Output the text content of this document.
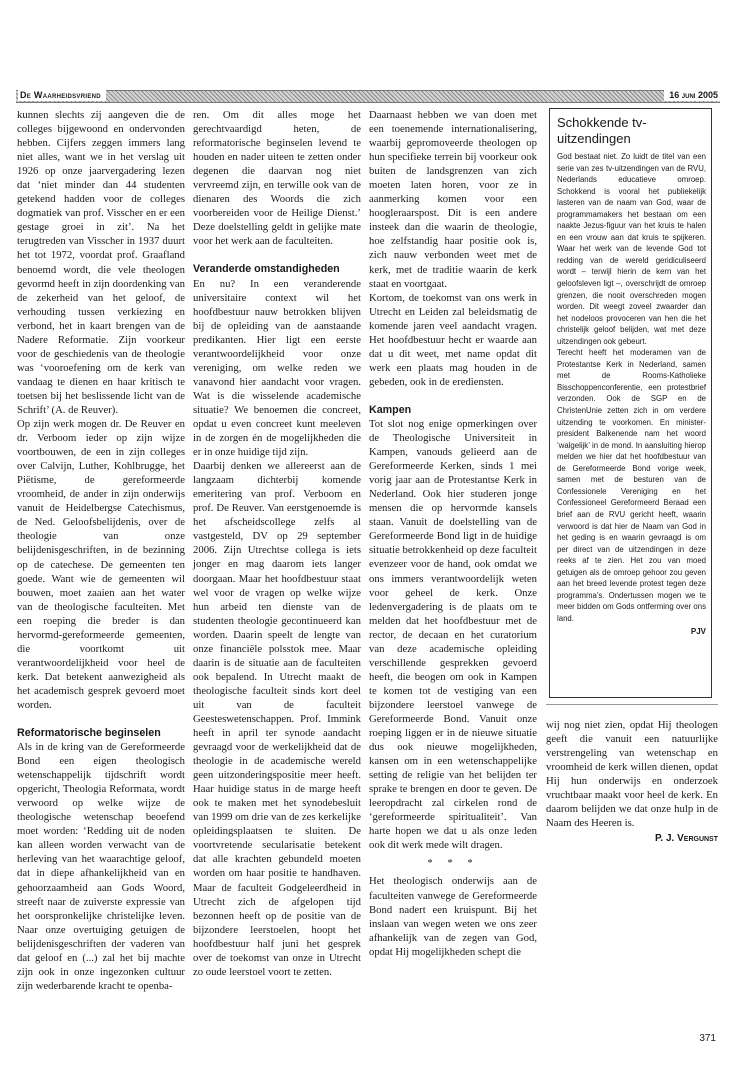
De Waarheidsvriend	16 juni 2005

kunnen slechts zij aangeven die de colleges bijgewoond en ondervonden hebben. Cijfers zeggen immers lang niet alles, want we in het verslag uit 1926 op onze jaarvergadering lezen dat ‘niet minder dan 44 studenten getekend hadden voor de colleges dogmatiek van prof. Visscher en er een gestage groei in zit’. Na het terugtreden van Visscher in 1937 duurt het tot 1972, voordat prof. Graafland benoemd wordt, die vele theologen gevormd heeft in zijn doordenking van de zekerheid van het geloof, de verhouding tussen verkiezing en verbond, het in kaart brengen van de Nadere Reformatie. Zijn voorkeur voor de geschiedenis van de theologie was ‘vooroefening om de kerk van vandaag te dienen en haar kritisch te toetsen bij het beslissende licht van de Schrift’ (A. de Reuver).

Op zijn werk mogen dr. De Reuver en dr. Verboom ieder op zijn wijze voortbouwen, de een in zijn colleges over Calvijn, Luther, Kohlbrugge, het Piëtisme, de gereformeerde vroomheid, de ander in zijn onderwijs vanuit de Heidelbergse Catechismus, de Ned. Geloofsbelijdenis, over de theologie van onze belijdenisgeschriften, in de bezinning op de catechese. De gemeenten ten goede. Want wie de gemeenten wil bouwen, moet zaaien aan het water van de theologische faculteiten. Met een roeping die breder is dan hervormd-gereformeerde gemeenten, die voortkomt uit verantwoordelijkheid voor heel de kerk. Dat betekent aanwezigheid als het academisch gesprek gevoerd moet worden.

Reformatorische beginselen

Als in de kring van de Gereformeerde Bond een eigen theologisch wetenschappelijk tijdschrift wordt opgericht, Theologia Reformata, wordt verwoord op welke wijze de theologische wetenschap beoefend moet worden: ‘Redding uit de noden kan alleen worden verwacht van de herleving van het waarachtige geloof, dat in diepe afhankelijkheid van en gehoorzaamheid aan Gods Woord, streeft naar de zuiverste expressie van het oorspronkelijke christelijke leven. Naar onze overtuiging getuigen de belijdenisgeschriften der vaderen van dat geloof en (...) zal het bij machte zijn ook in onze ingezonken cultuur zijn wederbarende kracht te openba-

ren. Om dit alles moge het gerechtvaardigd heten, de reformatorische beginselen levend te houden en nader uiteen te zetten onder degenen die daarvan nog niet vervreemd zijn, en terwille ook van de dienaren des Woords die zich voorbereiden voor de Heilige Dienst.’ Deze doelstelling geldt in gelijke mate voor het werk aan de faculteiten.

Veranderde omstandigheden

En nu? In een veranderende universitaire context wil het hoofdbestuur nauw betrokken blijven bij de opleiding van de aanstaande predikanten. Hier ligt een eerste verantwoordelijkheid voor onze vereniging, om welke reden we vanavond hier aandacht voor vragen. Wat is die wisselende academische situatie? We benoemen die concreet, opdat u even concreet kunt meeleven in de zorgen én de mogelijkheden die er in onze huidige tijd zijn.

Daarbij denken we allereerst aan de langzaam dichterbij komende emeritering van prof. Verboom en prof. De Reuver. Van eerstgenoemde is het afscheidscollege zelfs al vastgesteld, DV op 29 september 2006. Zijn Utrechtse collega is iets jonger en mag daarom iets langer doorgaan. Maar het hoofdbestuur staat wel voor de vragen op welke wijze hun arbeid ten dienste van de studenten theologie gecontinueerd kan worden. Daarin speelt de lengte van onze financiële polsstok mee. Maar daarin is de situatie aan de faculteiten ook bepalend. In Utrecht maakt de theologische faculteit sinds kort deel uit van de faculteit Geesteswetenschappen. Prof. Immink heeft in april ter synode aandacht gevraagd voor de werkelijkheid dat de theologie in de academische wereld geen uitzonderingspositie meer heeft. Haar huidige status in de marge heeft ook te maken met het synodebesluit van 1999 om drie van de zes kerkelijke opleidingsplaatsen te sluiten. De voortvretende secularisatie betekent dat alle krachten gebundeld moeten worden om haar positie te handhaven. Maar de faculteit Godgeleerdheid in Utrecht zich de afgelopen tijd bezonnen heeft op de positie van de bijzondere leerstoelen, hoopt het hoofdbestuur half juni het gesprek over de toekomst van onze in Utrecht zo oude leerstoel voort te zetten.

Daarnaast hebben we van doen met een toenemende internationalisering, waarbij gepromoveerde theologen op hun specifieke terrein bij voorkeur ook buiten de landsgrenzen van zich moeten laten horen, voor ze in aanmerking komen voor een hoogleraarspost. Dit is een andere insteek dan die waarin de theologie, hoe zelfstandig haar positie ook is, zich nauw verbonden weet met de kerk, met de traditie waarin de kerk staat en voortgaat.

Kortom, de toekomst van ons werk in Utrecht en Leiden zal beleidsmatig de komende jaren veel aandacht vragen. Het hoofdbestuur hecht er waarde aan dat u dit weet, met name opdat dit werk een plaats mag houden in de gebeden, ook in de erediensten.

Kampen

Tot slot nog enige opmerkingen over de Theologische Universiteit in Kampen, vanouds gelieerd aan de Gereformeerde Kerken, sinds 1 mei vorig jaar aan de Protestantse Kerk in Nederland. Ook hier studeren jonge mensen die op hervormde kansels staan. Vanuit de doelstelling van de Gereformeerde Bond ligt in de huidige situatie betrokkenheid op deze faculteit evenzeer voor de hand, ook omdat we ons immers verantwoordelijk weten voor geheel de kerk. Onze ledenvergadering is de plaats om te melden dat het hoofdbestuur met de rector, de decaan en het curatorium van deze academische opleiding verschillende gesprekken gevoerd heeft, die beogen om ook in Kampen te komen tot de vestiging van een bijzondere leerstoel vanwege de Gereformeerde Bond. Vanuit onze roeping liggen er in de nieuwe situatie dus ook nieuwe mogelijkheden, kansen om in een wetenschappelijke setting de religie van het belijden ter sprake te brengen en door te geven. De leeropdracht zal cirkelen rond de ‘gereformeerde spiritualiteit’. Van harte hopen we dat u als onze leden ook dit werk mede wilt dragen.

* * *

Het theologisch onderwijs aan de faculteiten vanwege de Gereformeerde Bond nadert een kruispunt. Bij het inslaan van wegen weten we ons zeer afhankelijk van de zegen van God, opdat Hij mogelijkheden schept die

Schokkende tv-uitzendingen

God bestaat niet. Zo luidt de titel van een serie van zes tv-uitzendingen van de RVU, Nederlands educatieve omroep. Schokkend is vooral het publiekelijk lasteren van de naam van God, waar de programmamakers het bestaan om een naakte Jezus-figuur van het kruis te halen en een vrouw aan dat kruis te spijkeren. Waar het werk van de levende God tot redding van de wereld geridiculiseerd wordt – terwijl hierin de kern van het geloofsleven ligt –, overschrijdt de omroep grenzen, die nooit overschreden mogen worden. Dit weegt zoveel zwaarder dan het nodeloos provoceren van hen die het christelijk geloof belijden, wat met deze uitzendingen ook gebeurt.

Terecht heeft het moderamen van de Protestantse Kerk in Nederland, samen met de Rooms-Katholieke Bisschoppenconferentie, een protestbrief verzonden. Ook de SGP en de ChristenUnie zetten zich in om verdere uitzending te voorkomen. En minister-president Balkenende nam het woord ‘walgelijk’ in de mond. In aansluiting hierop melden we hier dat het hoofdbestuur van de Gereformeerde Bond vorige week, samen met de besturen van de Confessionele Vereniging en het Confessioneel Gereformeerd Beraad een brief aan de RVU gericht heeft, waarin verwoord is dat hier de Naam van God in het geding is en waarin gevraagd is om per direct van de uitzendingen in deze reeks af te zien. Het zou van moed getuigen als de omroep gehoor zou geven aan het breed levende protest tegen deze programma’s. Ondertussen mogen we te meer bidden om Gods ontferming over ons land.

PJV

wij nog niet zien, opdat Hij theologen geeft die vanuit een natuurlijke verstrengeling van wetenschap en vroomheid de kerk willen dienen, opdat Hij hun onderwijs en onderzoek vruchtbaar maakt voor heel de kerk. En daarom belijden we dat onze hulp in de Naam des Heeren is.

P. J. Vergunst
371
